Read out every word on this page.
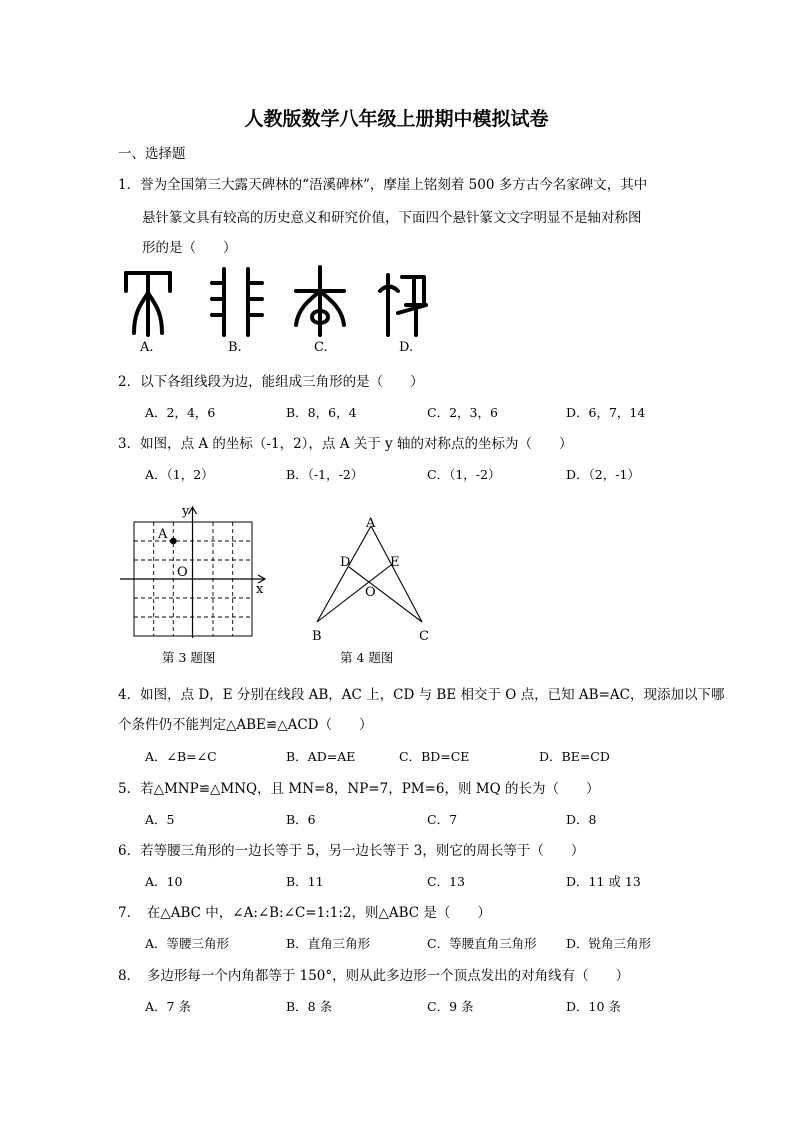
人教版数学八年级上册期中模拟试卷
一、选择题
1．誉为全国第三大露天碑林的“浯溪碑林”，摩崖上铭刻着 500 多方古今名家碑文，其中
悬针篆文具有较高的历史意义和研究价值，下面四个悬针篆文文字明显不是轴对称图
形的是（　　）
A.	B.	C.	D.
2．以下各组线段为边，能组成三角形的是（　　）
A．2，4，6	B．8，6，4	C．2，3，6	D．6，7，14
3．如图，点 A 的坐标（-1，2），点 A 关于 y 轴的对称点的坐标为（　　）
A．（1，2）	B．（-1，-2）	C．（1，-2）	D．（2，-1）
y
x
A
O
第 3 题图
A
D	E
O
B	C
第 4 题图
4．如图，点 D，E 分别在线段 AB，AC 上，CD 与 BE 相交于 O 点，已知 AB=AC，现添加以下哪
个条件仍不能判定△ABE≌△ACD（　　）
A．∠B=∠C	B．AD=AE	C．BD=CE	D．BE=CD
5．若△MNP≌△MNQ，且 MN=8，NP=7，PM=6，则 MQ 的长为（　　）
A．5	B．6	C．7	D．8
6．若等腰三角形的一边长等于 5，另一边长等于 3，则它的周长等于（　　）
A．10	B．11	C．13	D．11 或 13
7．　在△ABC 中，∠A:∠B:∠C=1:1:2，则△ABC 是（　　）
A．等腰三角形	B．直角三角形	C．等腰直角三角形 D．锐角三角形
8．　多边形每一个内角都等于 150°，则从此多边形一个顶点发出的对角线有（　　）
A．7 条	B．8 条	C．9 条	D．10 条
